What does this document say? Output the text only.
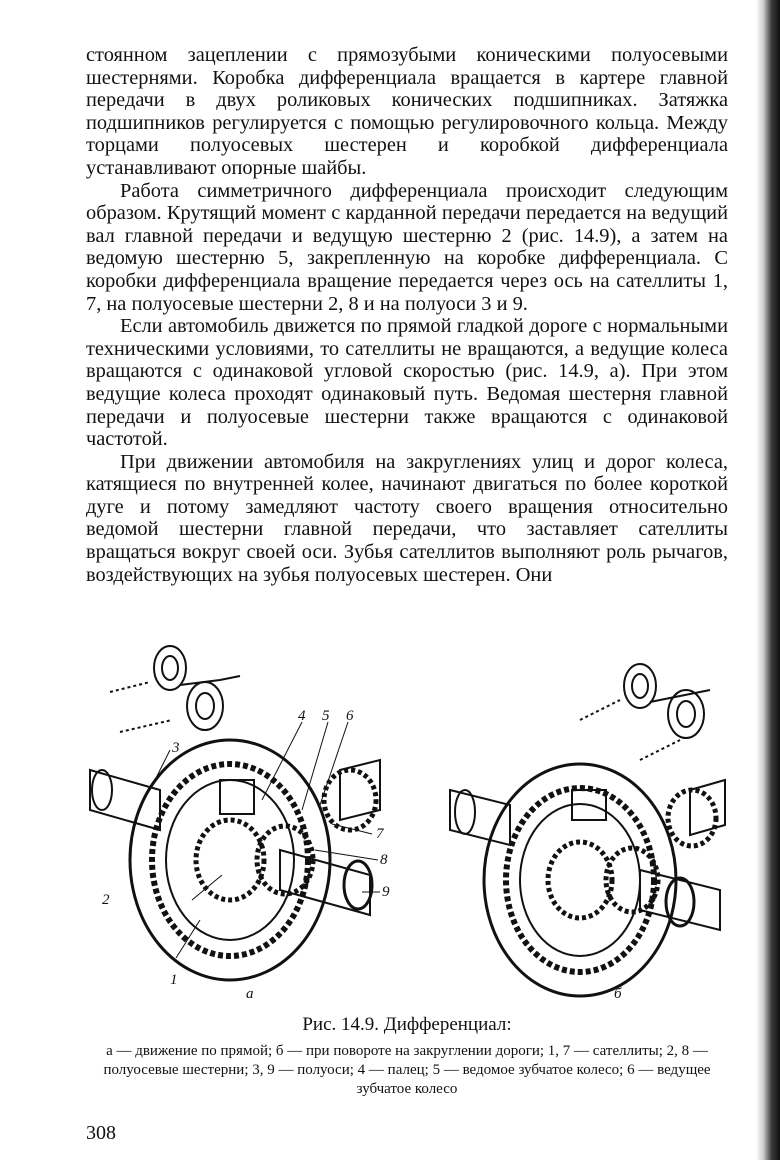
стоянном зацеплении с прямозубыми коническими полуосевыми шестернями. Коробка дифференциала вращается в картере главной передачи в двух роликовых конических подшипниках. Затяжка подшипников регулируется с помощью регулировочного кольца. Между торцами полуосевых шестерен и коробкой дифференциала устанавливают опорные шайбы.

Работа симметричного дифференциала происходит следующим образом. Крутящий момент с карданной передачи передается на ведущий вал главной передачи и ведущую шестерню 2 (рис. 14.9), а затем на ведомую шестерню 5, закрепленную на коробке дифференциала. С коробки дифференциала вращение передается через ось на сателлиты 1, 7, на полуосевые шестерни 2, 8 и на полуоси 3 и 9.

Если автомобиль движется по прямой гладкой дороге с нормальными техническими условиями, то сателлиты не вращаются, а ведущие колеса вращаются с одинаковой угловой скоростью (рис. 14.9, а). При этом ведущие колеса проходят одинаковый путь. Ведомая шестерня главной передачи и полуосевые шестерни также вращаются с одинаковой частотой.

При движении автомобиля на закруглениях улиц и дорог колеса, катящиеся по внутренней колее, начинают двигаться по более короткой дуге и потому замедляют частоту своего вращения относительно ведомой шестерни главной передачи, что заставляет сателлиты вращаться вокруг своей оси. Зубья сателлитов выполняют роль рычагов, воздействующих на зубья полуосевых шестерен. Они

1
2
3
4 5 6
7
8
9
а	б
Рис. 14.9. Дифференциал:
а — движение по прямой; б — при повороте на закруглении дороги; 1, 7 — сателлиты; 2, 8 — полуосевые шестерни; 3, 9 — полуоси; 4 — палец; 5 — ведомое зубчатое колесо; 6 — ведущее зубчатое колесо
308
